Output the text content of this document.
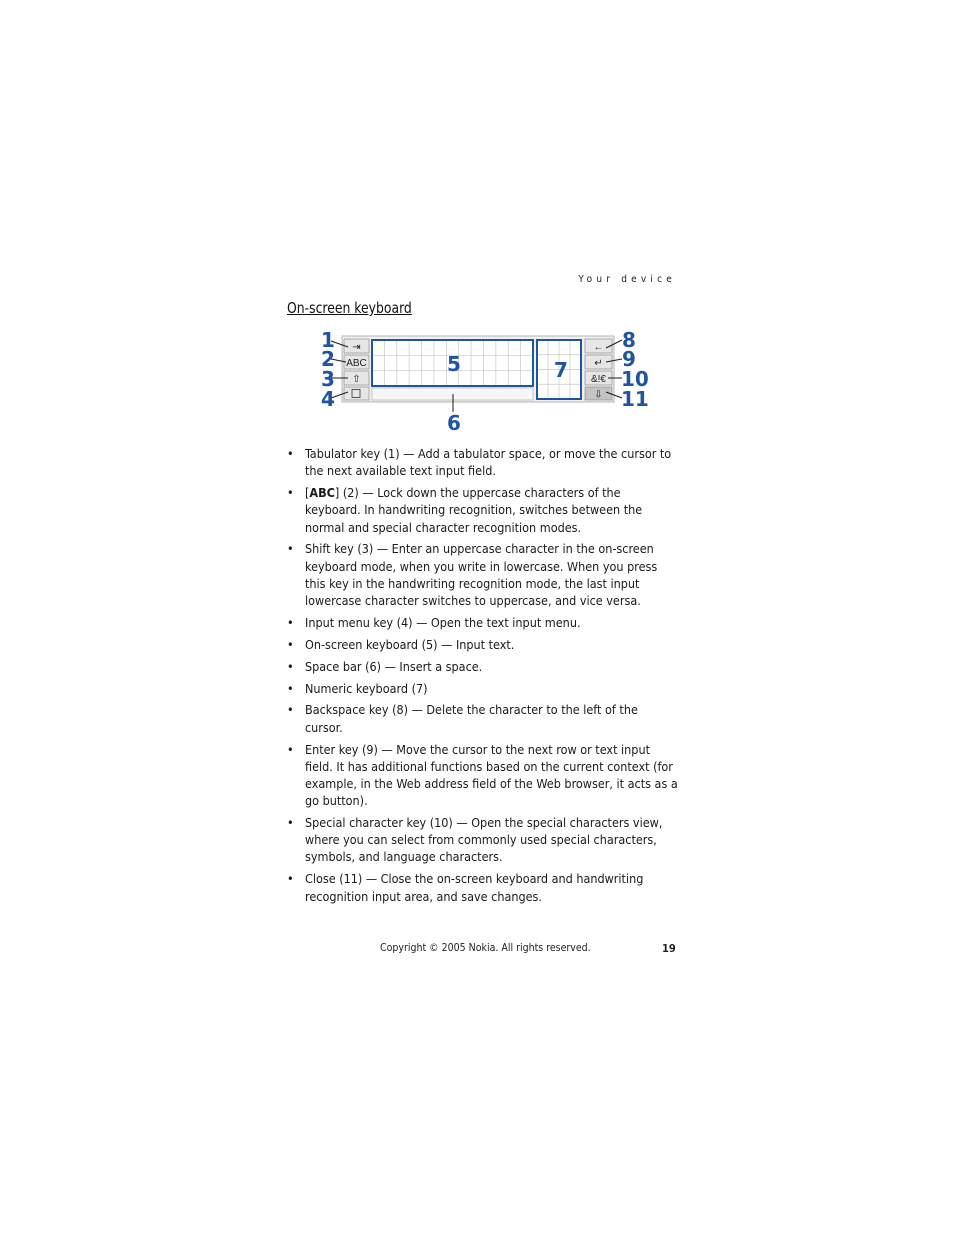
Your device
On-screen keyboard
⇥
ABC
⇧
←
↵
&!€
⇩
1
2
3
4
5
6
7
8
9
10
11
• Tabulator key (1) — Add a tabulator space, or move the cursor to the next available text input field.
• [ABC] (2) — Lock down the uppercase characters of the keyboard. In handwriting recognition, switches between the normal and special character recognition modes.
• Shift key (3) — Enter an uppercase character in the on-screen keyboard mode, when you write in lowercase. When you press this key in the handwriting recognition mode, the last input lowercase character switches to uppercase, and vice versa.
• Input menu key (4) — Open the text input menu.
• On-screen keyboard (5) — Input text.
• Space bar (6) — Insert a space.
• Numeric keyboard (7)
• Backspace key (8) — Delete the character to the left of the cursor.
• Enter key (9) — Move the cursor to the next row or text input field. It has additional functions based on the current context (for example, in the Web address field of the Web browser, it acts as a go button).
• Special character key (10) — Open the special characters view, where you can select from commonly used special characters, symbols, and language characters.
• Close (11) — Close the on-screen keyboard and handwriting recognition input area, and save changes.
Copyright © 2005 Nokia. All rights reserved.	19
